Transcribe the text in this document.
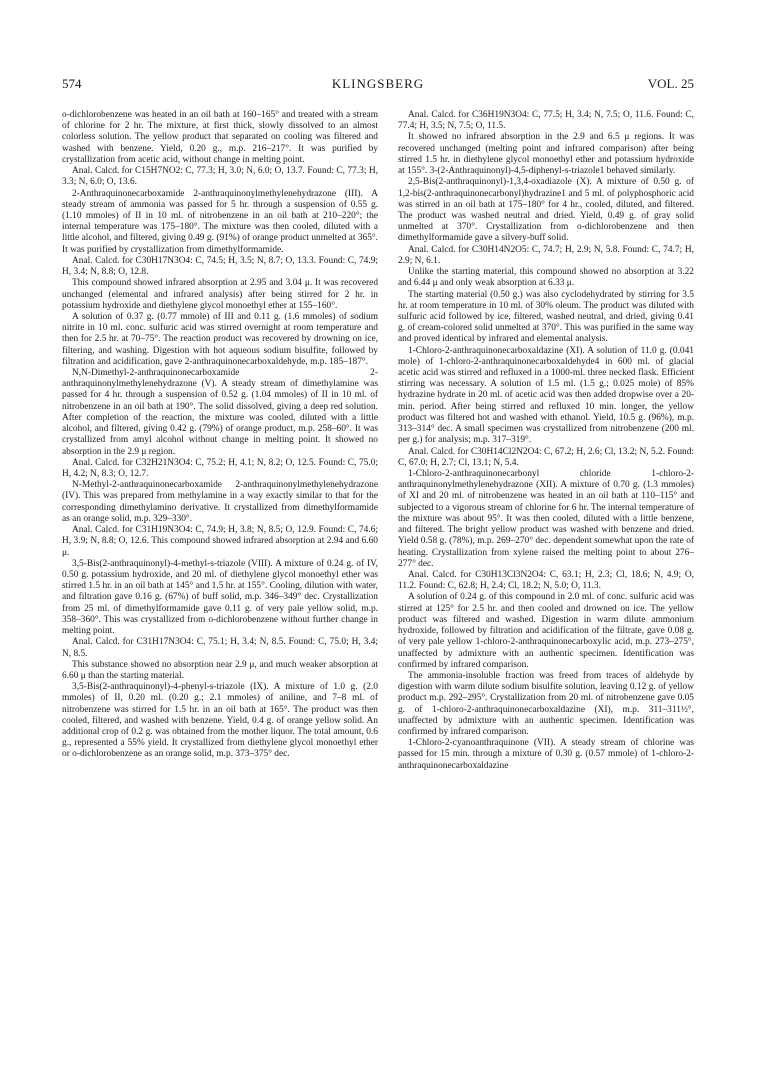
574	KLINGSBERG	VOL. 25

o-dichlorobenzene was heated in an oil bath at 160–165° and treated with a stream of chlorine for 2 hr. The mixture, at first thick, slowly dissolved to an almost colorless solution. The yellow product that separated on cooling was filtered and washed with benzene. Yield, 0.20 g., m.p. 216–217°. It was purified by crystallization from acetic acid, without change in melting point.

Anal. Calcd. for C15H7NO2: C, 77.3; H, 3.0; N, 6.0; O, 13.7. Found: C, 77.3; H, 3.3; N, 6.0; O, 13.6.

2-Anthraquinonecarboxamide 2-anthraquinonylmethylenehydrazone (III). A steady stream of ammonia was passed for 5 hr. through a suspension of 0.55 g. (1.10 mmoles) of II in 10 ml. of nitrobenzene in an oil bath at 210–220°; the internal temperature was 175–180°. The mixture was then cooled, diluted with a little alcohol, and filtered, giving 0.49 g. (91%) of orange product unmelted at 365°. It was purified by crystallization from dimethylformamide.

Anal. Calcd. for C30H17N3O4: C, 74.5; H, 3.5; N, 8.7; O, 13.3. Found: C, 74.9; H, 3.4; N, 8.8; O, 12.8.

This compound showed infrared absorption at 2.95 and 3.04 μ. It was recovered unchanged (elemental and infrared analysis) after being stirred for 2 hr. in potassium hydroxide and diethylene glycol monoethyl ether at 155–160°.

A solution of 0.37 g. (0.77 mmole) of III and 0.11 g. (1.6 mmoles) of sodium nitrite in 10 ml. conc. sulfuric acid was stirred overnight at room temperature and then for 2.5 hr. at 70–75°. The reaction product was recovered by drowning on ice, filtering, and washing. Digestion with hot aqueous sodium bisulfite, followed by filtration and acidification, gave 2-anthraquinonecarboxaldehyde, m.p. 185–187°.

N,N-Dimethyl-2-anthraquinonecarboxamide 2-anthraquinonylmethylenehydrazone (V). A steady stream of dimethylamine was passed for 4 hr. through a suspension of 0.52 g. (1.04 mmoles) of II in 10 ml. of nitrobenzene in an oil bath at 190°. The solid dissolved, giving a deep red solution. After completion of the reaction, the mixture was cooled, diluted with a little alcohol, and filtered, giving 0.42 g. (79%) of orange product, m.p. 258–60°. It was crystallized from amyl alcohol without change in melting point. It showed no absorption in the 2.9 μ region.

Anal. Calcd. for C32H21N3O4: C, 75.2; H, 4.1; N, 8.2; O, 12.5. Found: C, 75.0; H, 4.2; N, 8.3; O, 12.7.

N-Methyl-2-anthraquinonecarboxamide 2-anthraquinonylmethylenehydrazone (IV). This was prepared from methylamine in a way exactly similar to that for the corresponding dimethylamino derivative. It crystallized from dimethylformamide as an orange solid, m.p. 329–330°.

Anal. Calcd. for C31H19N3O4: C, 74.9; H, 3.8; N, 8.5; O, 12.9. Found: C, 74.6; H, 3.9; N, 8.8; O, 12.6. This compound showed infrared absorption at 2.94 and 6.60 μ.

3,5-Bis(2-anthraquinonyl)-4-methyl-s-triazole (VIII). A mixture of 0.24 g. of IV, 0.50 g. potassium hydroxide, and 20 ml. of diethylene glycol monoethyl ether was stirred 1.5 hr. in an oil bath at 145° and 1.5 hr. at 155°. Cooling, dilution with water, and filtration gave 0.16 g. (67%) of buff solid, m.p. 346–349° dec. Crystallization from 25 ml. of dimethylformamide gave 0.11 g. of very pale yellow solid, m.p. 358–360°. This was crystallized from o-dichlorobenzene without further change in melting point.

Anal. Calcd. for C31H17N3O4: C, 75.1; H, 3.4; N, 8.5. Found: C, 75.0; H, 3.4; N, 8.5.

This substance showed no absorption near 2.9 μ, and much weaker absorption at 6.60 μ than the starting material.

3,5-Bis(2-anthraquinonyl)-4-phenyl-s-triazole (IX). A mixture of 1.0 g. (2.0 mmoles) of II, 0.20 ml. (0.20 g.; 2.1 mmoles) of aniline, and 7–8 ml. of nitrobenzene was stirred for 1.5 hr. in an oil bath at 165°. The product was then cooled, filtered, and washed with benzene. Yield, 0.4 g. of orange yellow solid. An additional crop of 0.2 g. was obtained from the mother liquor. The total amount, 0.6 g., represented a 55% yield. It crystallized from diethylene glycol monoethyl ether or o-dichlorobenzene as an orange solid, m.p. 373–375° dec.

Anal. Calcd. for C36H19N3O4: C, 77.5; H, 3.4; N, 7.5; O, 11.6. Found: C, 77.4; H, 3.5; N, 7.5; O, 11.5.

It showed no infrared absorption in the 2.9 and 6.5 μ regions. It was recovered unchanged (melting point and infrared comparison) after being stirred 1.5 hr. in diethylene glycol monoethyl ether and potassium hydroxide at 155°. 3-(2-Anthraquinonyl)-4,5-diphenyl-s-triazole1 behaved similarly.

2,5-Bis(2-anthraquinonyl)-1,3,4-oxadiazole (X). A mixture of 0.50 g. of 1,2-bis(2-anthraquinonecarbonyl)hydrazine1 and 5 ml. of polyphosphoric acid was stirred in an oil bath at 175–180° for 4 hr., cooled, diluted, and filtered. The product was washed neutral and dried. Yield, 0.49 g. of gray solid unmelted at 370°. Crystallization from o-dichlorobenzene and then dimethylformamide gave a silvery-buff solid.

Anal. Calcd. for C30H14N2O5: C, 74.7; H, 2.9; N, 5.8. Found: C, 74.7; H, 2.9; N, 6.1.

Unlike the starting material, this compound showed no absorption at 3.22 and 6.44 μ and only weak absorption at 6.33 μ.

The starting material (0.50 g.) was also cyclodehydrated by stirring for 3.5 hr. at room temperature in 10 ml. of 30% oleum. The product was diluted with sulfuric acid followed by ice, filtered, washed neutral, and dried, giving 0.41 g. of cream-colored solid unmelted at 370°. This was purified in the same way and proved identical by infrared and elemental analysis.

1-Chloro-2-anthraquinonecarboxaldazine (XI). A solution of 11.0 g. (0.041 mole) of 1-chloro-2-anthraquinonecarboxaldehyde4 in 600 ml. of glacial acetic acid was stirred and refluxed in a 1000-ml. three necked flask. Efficient stirring was necessary. A solution of 1.5 ml. (1.5 g.; 0.025 mole) of 85% hydrazine hydrate in 20 ml. of acetic acid was then added dropwise over a 20-min. period. After being stirred and refluxed 10 min. longer, the yellow product was filtered hot and washed with ethanol. Yield, 10.5 g. (96%), m.p. 313–314° dec. A small specimen was crystallized from nitrobenzene (200 ml. per g.) for analysis; m.p. 317–319°.

Anal. Calcd. for C30H14Cl2N2O4: C, 67.2; H, 2.6; Cl, 13.2; N, 5.2. Found: C, 67.0; H, 2.7; Cl, 13.1; N, 5.4.

1-Chloro-2-anthraquinonecarbonyl chloride 1-chloro-2-anthraquinonylmethylenehydrazone (XII). A mixture of 0.70 g. (1.3 mmoles) of XI and 20 ml. of nitrobenzene was heated in an oil bath at 110–115° and subjected to a vigorous stream of chlorine for 6 hr. The internal temperature of the mixture was about 95°. It was then cooled, diluted with a little benzene, and filtered. The bright yellow product was washed with benzene and dried. Yield 0.58 g. (78%), m.p. 269–270° dec. dependent somewhat upon the rate of heating. Crystallization from xylene raised the melting point to about 276–277° dec.

Anal. Calcd. for C30H13Cl3N2O4: C, 63.1; H, 2.3; Cl, 18.6; N, 4.9; O, 11.2. Found: C, 62.8; H, 2.4; Cl, 18.2; N, 5.0; O, 11.3.

A solution of 0.24 g. of this compound in 2.0 ml. of conc. sulfuric acid was stirred at 125° for 2.5 hr. and then cooled and drowned on ice. The yellow product was filtered and washed. Digestion in warm dilute ammonium hydroxide, followed by filtration and acidification of the filtrate, gave 0.08 g. of very pale yellow 1-chloro-2-anthraquinonecarboxylic acid, m.p. 273–275°, unaffected by admixture with an authentic specimen. Identification was confirmed by infrared comparison.

The ammonia-insoluble fraction was freed from traces of aldehyde by digestion with warm dilute sodium bisulfite solution, leaving 0.12 g. of yellow product m.p. 292–295°. Crystallization from 20 ml. of nitrobenzene gave 0.05 g. of 1-chloro-2-anthraquinonecarboxaldazine (XI), m.p. 311–311½°, unaffected by admixture with an authentic specimen. Identification was confirmed by infrared comparison.

1-Chloro-2-cyanoanthraquinone (VII). A steady stream of chlorine was passed for 15 min. through a mixture of 0.30 g. (0.57 mmole) of 1-chloro-2-anthraquinonecarboxaldazine
